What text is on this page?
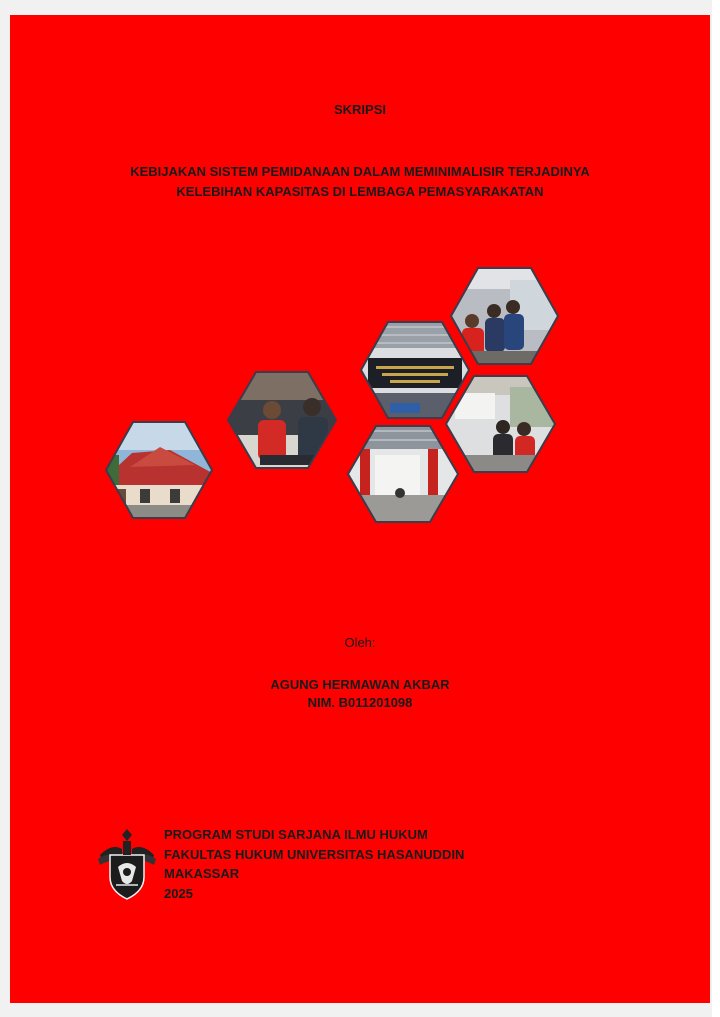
SKRIPSI
KEBIJAKAN SISTEM PEMIDANAAN DALAM MEMINIMALISIR TERJADINYA
KELEBIHAN KAPASITAS DI LEMBAGA PEMASYARAKATAN
Oleh:
AGUNG HERMAWAN AKBAR
NIM. B011201098
PROGRAM STUDI SARJANA ILMU HUKUM
FAKULTAS HUKUM UNIVERSITAS HASANUDDIN
MAKASSAR
2025
